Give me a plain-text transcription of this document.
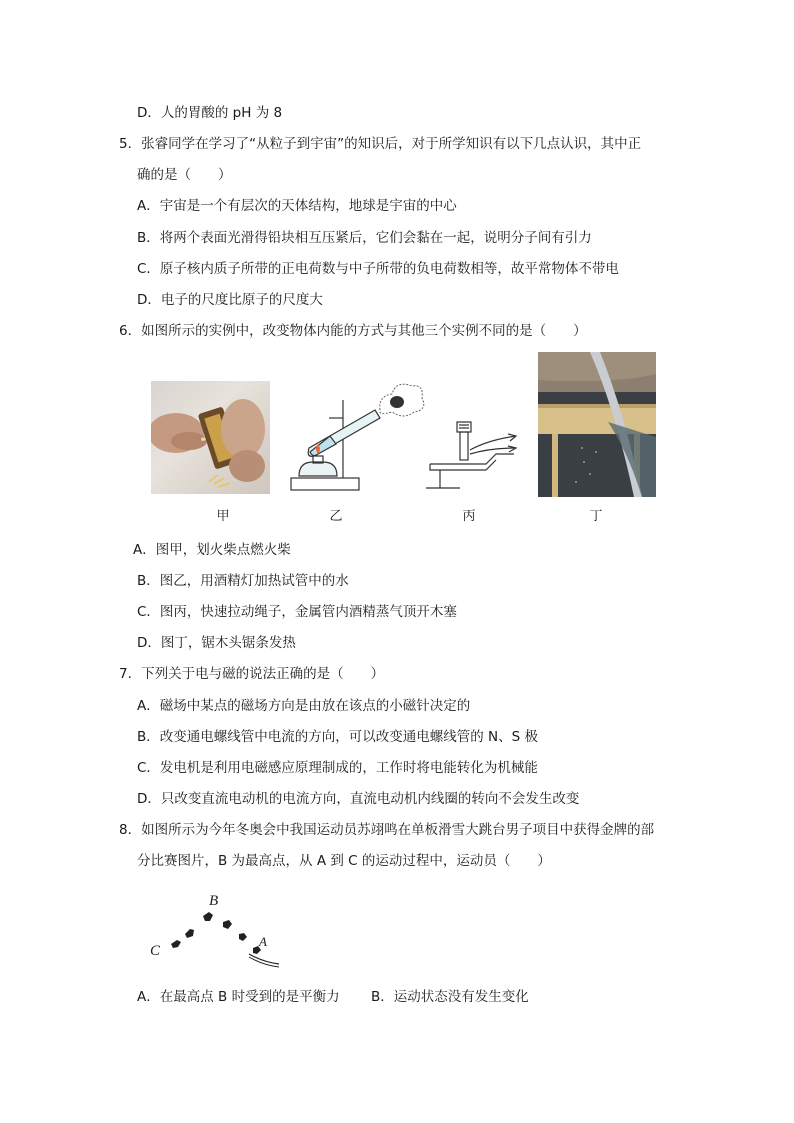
D．人的胃酸的 pH 为 8
5．张睿同学在学习了“从粒子到宇宙”的知识后，对于所学知识有以下几点认识，其中正
确的是（　　）
A．宇宙是一个有层次的天体结构，地球是宇宙的中心
B．将两个表面光滑得铅块相互压紧后，它们会黏在一起，说明分子间有引力
C．原子核内质子所带的正电荷数与中子所带的负电荷数相等，故平常物体不带电
D．电子的尺度比原子的尺度大
6．如图所示的实例中，改变物体内能的方式与其他三个实例不同的是（　　）
甲	乙	丙	丁
A．图甲，划火柴点燃火柴
B．图乙，用酒精灯加热试管中的水
C．图丙，快速拉动绳子，金属管内酒精蒸气顶开木塞
D．图丁，锯木头锯条发热
7．下列关于电与磁的说法正确的是（　　）
A．磁场中某点的磁场方向是由放在该点的小磁针决定的
B．改变通电螺线管中电流的方向，可以改变通电螺线管的 N、S 极
C．发电机是利用电磁感应原理制成的，工作时将电能转化为机械能
D．只改变直流电动机的电流方向，直流电动机内线圈的转向不会发生改变
8．如图所示为今年冬奥会中我国运动员苏翊鸣在单板滑雪大跳台男子项目中获得金牌的部
分比赛图片，B 为最高点，从 A 到 C 的运动过程中，运动员（　　）
B
C
A
A．在最高点 B 时受到的是平衡力 B．运动状态没有发生变化
